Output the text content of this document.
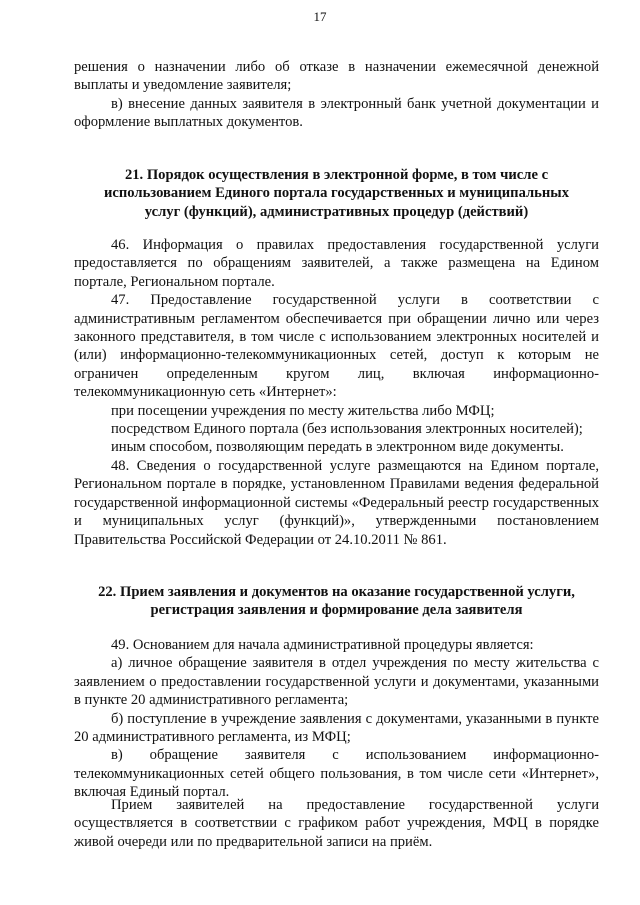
17

решения о назначении либо об отказе в назначении ежемесячной денежной выплаты и уведомление заявителя;

в) внесение данных заявителя в электронный банк учетной документации и оформление выплатных документов.

21. Порядок осуществления в электронной форме, в том числе с использованием Единого портала государственных и муниципальных услуг (функций), административных процедур (действий)

46. Информация о правилах предоставления государственной услуги предоставляется по обращениям заявителей, а также размещена на Едином портале, Региональном портале.

47. Предоставление государственной услуги в соответствии с административным регламентом обеспечивается при обращении лично или через законного представителя, в том числе с использованием электронных носителей и (или) информационно-телекоммуникационных сетей, доступ к которым не ограничен определенным кругом лиц, включая информационно-телекоммуникационную сеть «Интернет»:

при посещении учреждения по месту жительства либо МФЦ;

посредством Единого портала (без использования электронных носителей);

иным способом, позволяющим передать в электронном виде документы.

48. Сведения о государственной услуге размещаются на Едином портале, Региональном портале в порядке, установленном Правилами ведения федеральной государственной информационной системы «Федеральный реестр государственных и муниципальных услуг (функций)», утвержденными постановлением Правительства Российской Федерации от 24.10.2011 № 861.

22. Прием заявления и документов на оказание государственной услуги, регистрация заявления и формирование дела заявителя

49. Основанием для начала административной процедуры является:

а) личное обращение заявителя в отдел учреждения по месту жительства с заявлением о предоставлении государственной услуги и документами, указанными в пункте 20 административного регламента;

б) поступление в учреждение заявления с документами, указанными в пункте 20 административного регламента, из МФЦ;

в) обращение заявителя с использованием информационно-телекоммуникационных сетей общего пользования, в том числе сети «Интернет», включая Единый портал.

Прием заявителей на предоставление государственной услуги осуществляется в соответствии с графиком работ учреждения, МФЦ в порядке живой очереди или по предварительной записи на приём.
